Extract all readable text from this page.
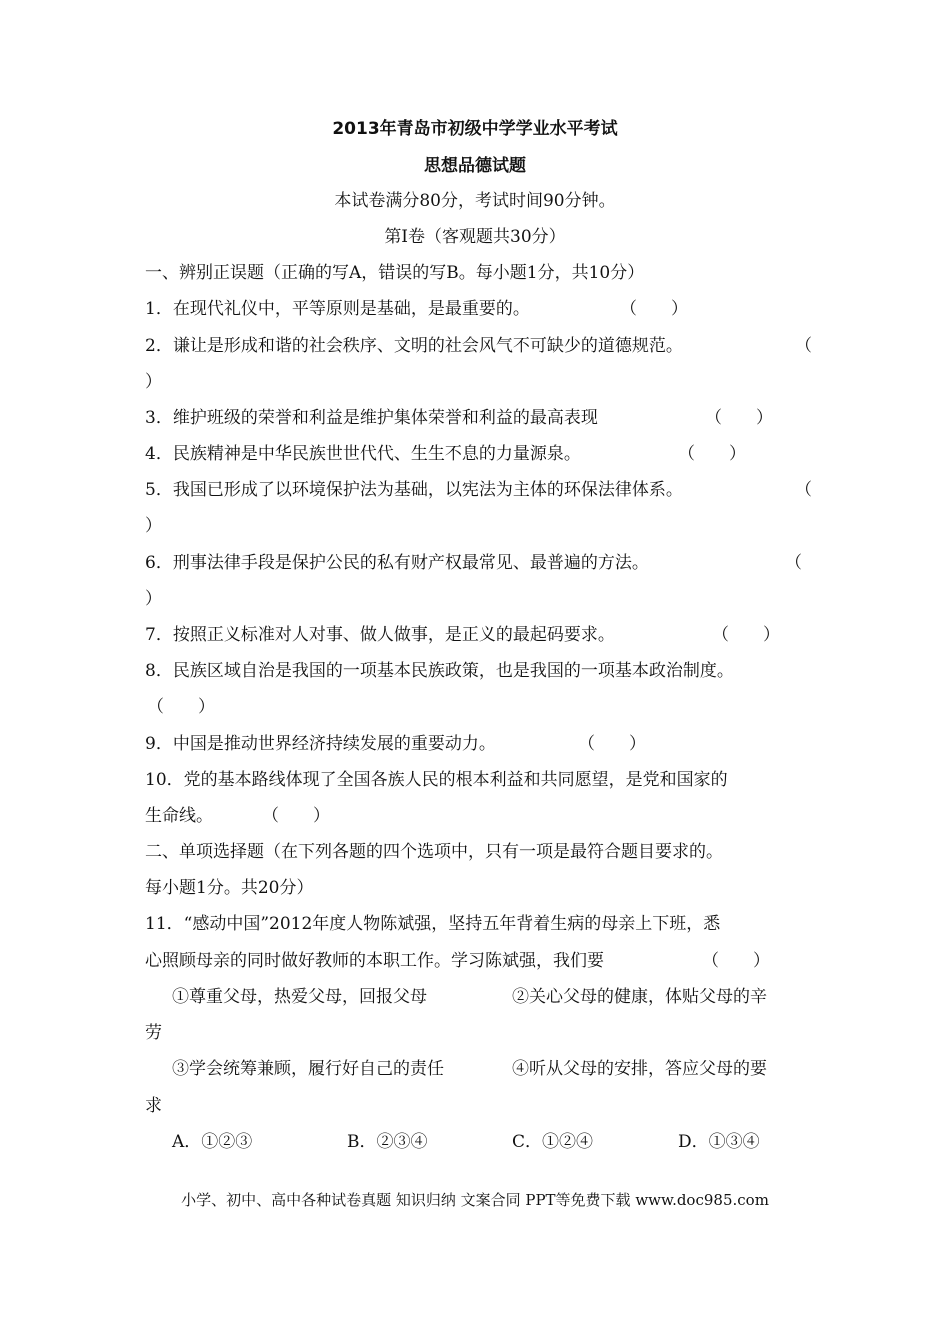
2013年青岛市初级中学学业水平考试
思想品德试题
本试卷满分80分，考试时间90分钟。
第Ⅰ卷（客观题共30分）
一、辨别正误题（正确的写A，错误的写B。每小题1分，共10分）
1．在现代礼仪中，平等原则是基础，是最重要的。	（　　）
2．谦让是形成和谐的社会秩序、文明的社会风气不可缺少的道德规范。	（
）
3．维护班级的荣誉和利益是维护集体荣誉和利益的最高表现	（　　）
4．民族精神是中华民族世世代代、生生不息的力量源泉。	（　　）
5．我国已形成了以环境保护法为基础，以宪法为主体的环保法律体系。	（
）
6．刑事法律手段是保护公民的私有财产权最常见、最普遍的方法。	（
）
7．按照正义标准对人对事、做人做事，是正义的最起码要求。	（　　）
8．民族区域自治是我国的一项基本民族政策，也是我国的一项基本政治制度。
（　　）
9．中国是推动世界经济持续发展的重要动力。	（　　）
10．党的基本路线体现了全国各族人民的根本利益和共同愿望，是党和国家的
生命线。	（　　）
二、单项选择题（在下列各题的四个选项中，只有一项是最符合题目要求的。
每小题1分。共20分）
11．“感动中国”2012年度人物陈斌强，坚持五年背着生病的母亲上下班，悉
心照顾母亲的同时做好教师的本职工作。学习陈斌强，我们要	（　　）
①尊重父母，热爱父母，回报父母	②关心父母的健康，体贴父母的辛
劳
③学会统筹兼顾，履行好自己的责任	④听从父母的安排，答应父母的要
求
A．①②③	B．②③④	C．①②④	D．①③④
小学、初中、高中各种试卷真题 知识归纳 文案合同 PPT等免费下载 www.doc985.com
